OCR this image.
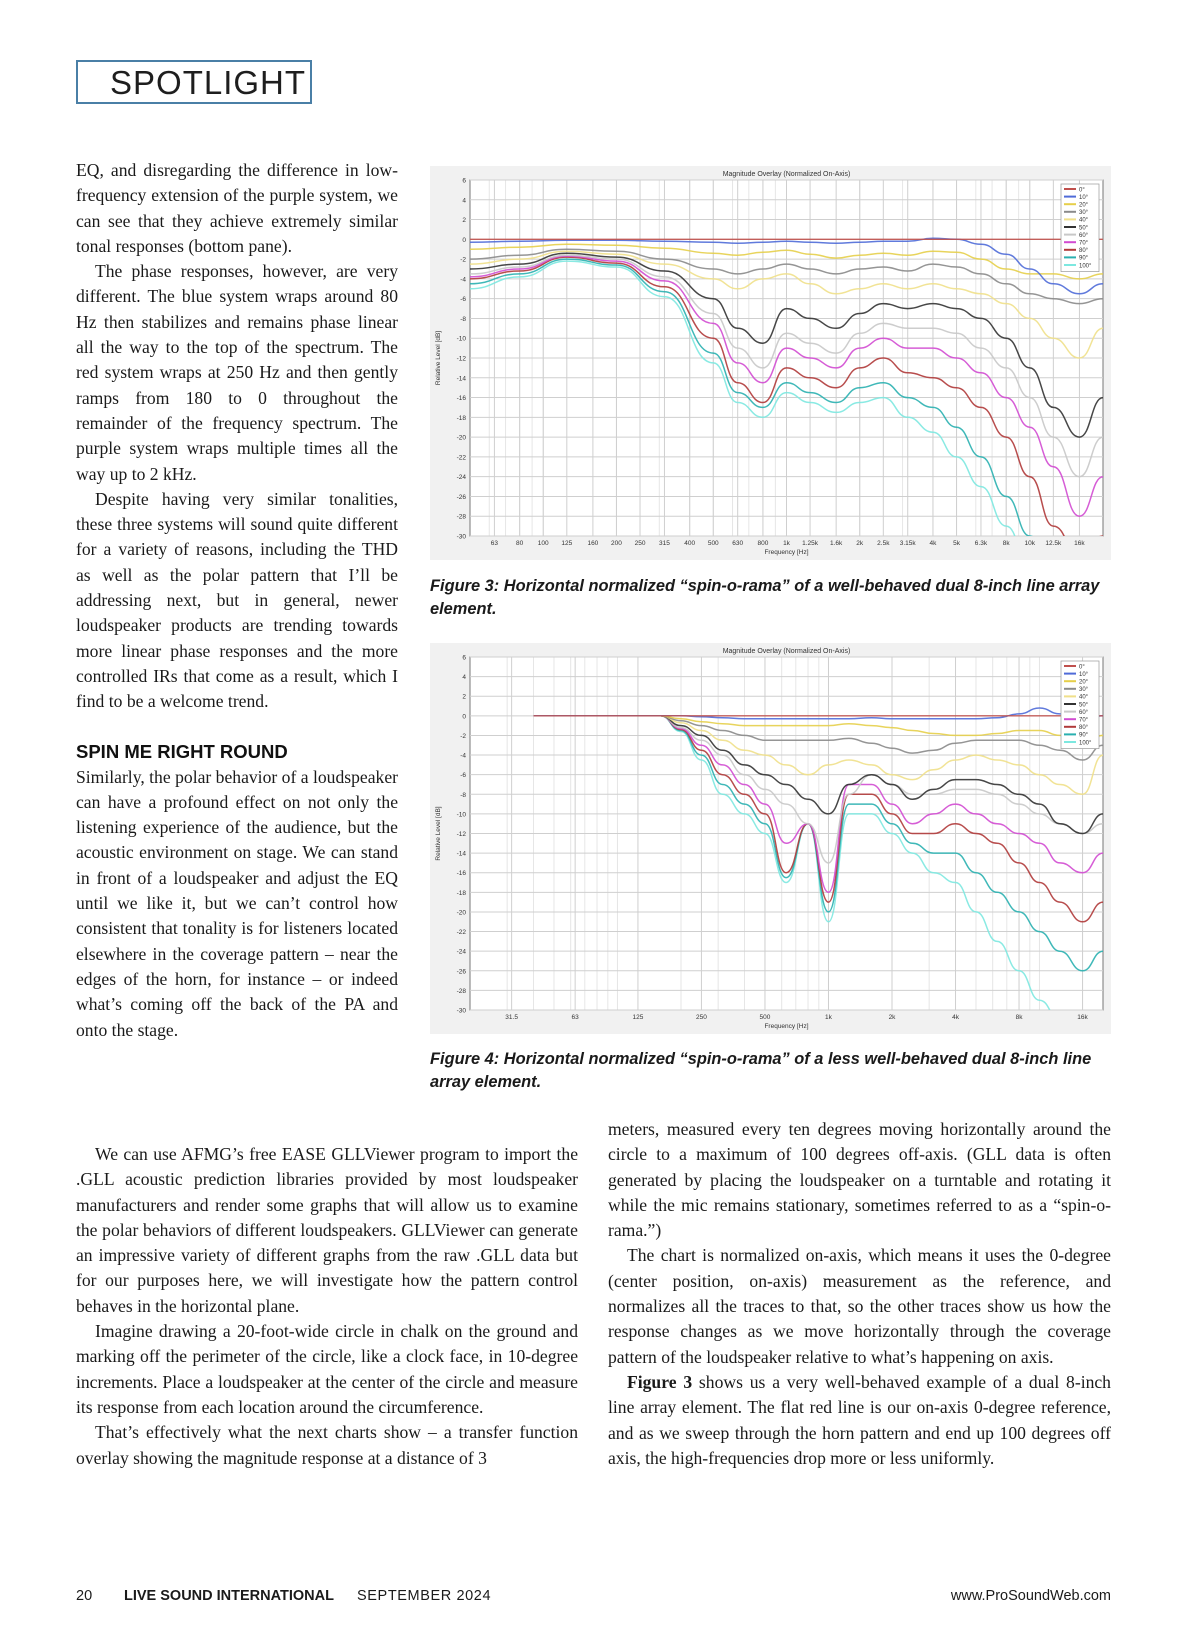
SPOTLIGHT

EQ, and disregarding the difference in low-frequency extension of the purple system, we can see that they achieve extremely similar tonal responses (bottom pane).

The phase responses, however, are very different. The blue system wraps around 80 Hz then stabilizes and remains phase linear all the way to the top of the spectrum. The red system wraps at 250 Hz and then gently ramps from 180 to 0 throughout the remainder of the frequency spectrum. The purple system wraps multiple times all the way up to 2 kHz.

Despite having very similar tonalities, these three systems will sound quite different for a variety of reasons, including the THD as well as the polar pattern that I’ll be addressing next, but in general, newer loudspeaker products are trending towards more linear phase responses and the more controlled IRs that come as a result, which I find to be a welcome trend.

SPIN ME RIGHT ROUND

Similarly, the polar behavior of a loudspeaker can have a profound effect on not only the listening experience of the audience, but the acoustic environment on stage. We can stand in front of a loudspeaker and adjust the EQ until we like it, but we can’t control how consistent that tonality is for listeners located elsewhere in the coverage pattern – near the edges of the horn, for instance – or indeed what’s coming off the back of the PA and onto the stage.

6
4
2
0
-2
-4
-6
-8
-10
-12
-14
-16
-18
-20
-22
-24
-26
-28
-30
63	80 100 125 160 200 250 315 400 500 630 800 1k 1.25k 1.6k 2k 2.5k 3.15k 4k	5k 6.3k 8k 10k 12.5k 16k
Magnitude Overlay (Normalized On-Axis)
Frequency [Hz]
Relative Level [dB]
0°
10°
20°
30°
40°
50°
60°
70°
80°
90°
100°
Figure 3: Horizontal normalized “spin-o-rama” of a well-behaved dual 8-inch line array element.
6
4
2
0
-2
-4
-6
-8
-10
-12
-14
-16
-18
-20
-22
-24
-26
-28
-30
31.5	63	125	250	500	1k	2k	4k	8k	16k
Magnitude Overlay (Normalized On-Axis)
Frequency [Hz]
Relative Level [dB]
0°
10°
20°
30°
40°
50°
60°
70°
80°
90°
100°
Figure 4: Horizontal normalized “spin-o-rama” of a less well-behaved dual 8-inch line array element.

We can use AFMG’s free EASE GLLViewer program to import the .GLL acoustic prediction libraries provided by most loudspeaker manufacturers and render some graphs that will allow us to examine the polar behaviors of different loudspeakers. GLLViewer can generate an impressive variety of different graphs from the raw .GLL data but for our purposes here, we will investigate how the pattern control behaves in the horizontal plane.

Imagine drawing a 20-foot-wide circle in chalk on the ground and marking off the perimeter of the circle, like a clock face, in 10-degree increments. Place a loudspeaker at the center of the circle and measure its response from each location around the circumference.

That’s effectively what the next charts show – a transfer function overlay showing the magnitude response at a distance of 3

meters, measured every ten degrees moving horizontally around the circle to a maximum of 100 degrees off-axis. (GLL data is often generated by placing the loudspeaker on a turntable and rotating it while the mic remains stationary, sometimes referred to as a “spin-o-rama.”)

The chart is normalized on-axis, which means it uses the 0-degree (center position, on-axis) measurement as the reference, and normalizes all the traces to that, so the other traces show us how the response changes as we move horizontally through the coverage pattern of the loudspeaker relative to what’s happening on axis.

Figure 3 shows us a very well-behaved example of a dual 8-inch line array element. The flat red line is our on-axis 0-degree reference, and as we sweep through the horn pattern and end up 100 degrees off axis, the high-frequencies drop more or less uniformly.

20 LIVE SOUND INTERNATIONAL SEPTEMBER 2024	www.ProSoundWeb.com
